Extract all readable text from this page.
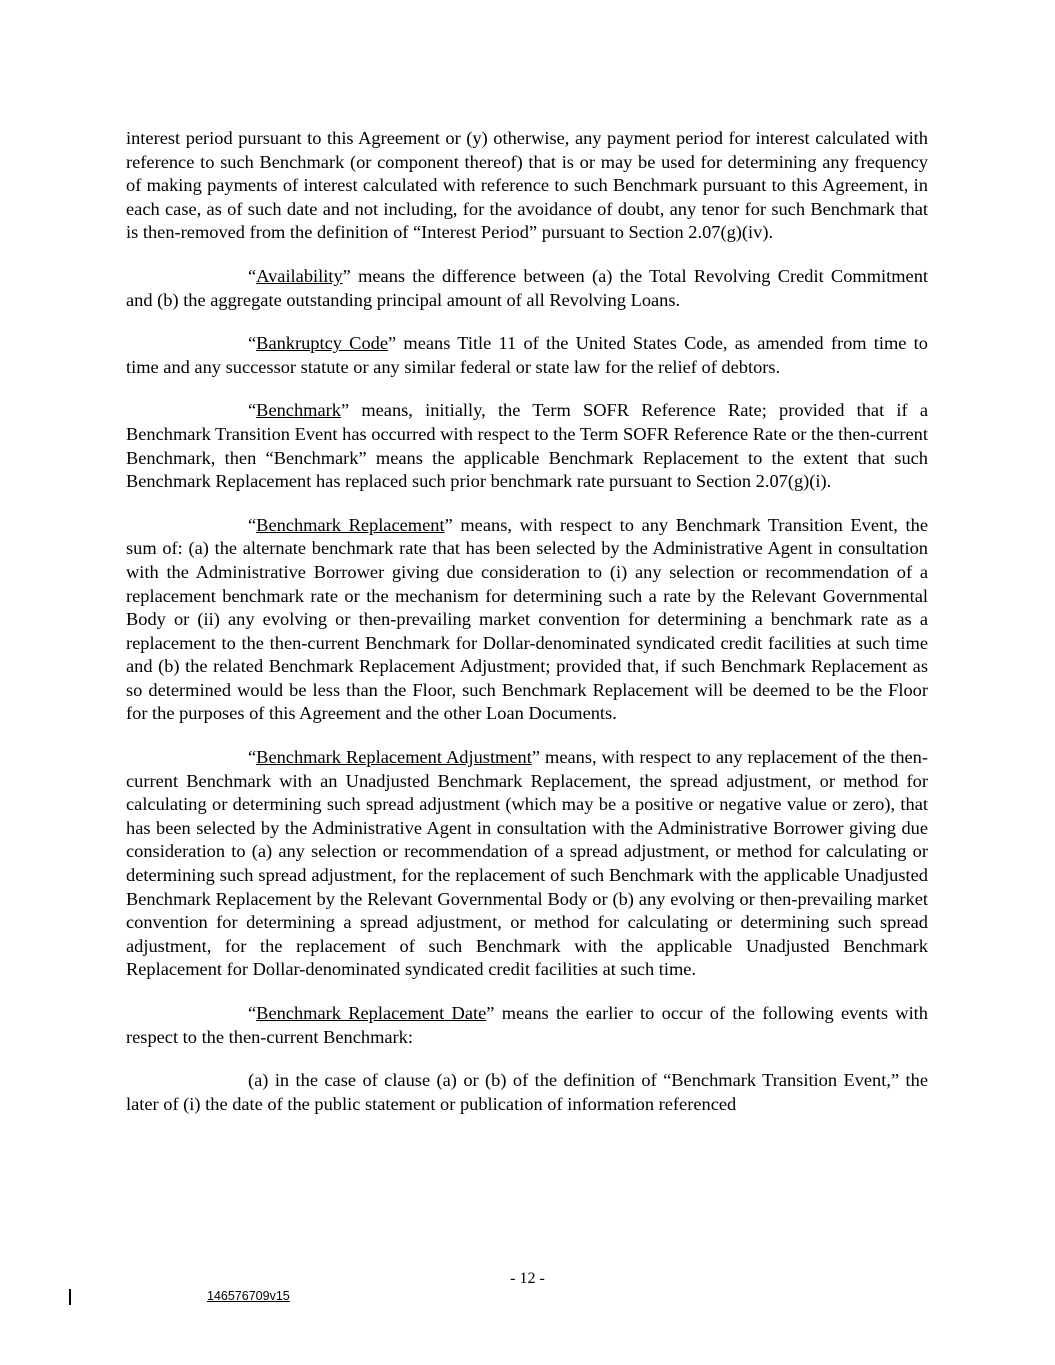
interest period pursuant to this Agreement or (y) otherwise, any payment period for interest calculated with reference to such Benchmark (or component thereof) that is or may be used for determining any frequency of making payments of interest calculated with reference to such Benchmark pursuant to this Agreement, in each case, as of such date and not including, for the avoidance of doubt, any tenor for such Benchmark that is then-removed from the definition of “Interest Period” pursuant to Section 2.07(g)(iv).

“Availability” means the difference between (a) the Total Revolving Credit Commitment and (b) the aggregate outstanding principal amount of all Revolving Loans.

“Bankruptcy Code” means Title 11 of the United States Code, as amended from time to time and any successor statute or any similar federal or state law for the relief of debtors.

“Benchmark” means, initially, the Term SOFR Reference Rate; provided that if a Benchmark Transition Event has occurred with respect to the Term SOFR Reference Rate or the then-current Benchmark, then “Benchmark” means the applicable Benchmark Replacement to the extent that such Benchmark Replacement has replaced such prior benchmark rate pursuant to Section 2.07(g)(i).

“Benchmark Replacement” means, with respect to any Benchmark Transition Event, the sum of: (a) the alternate benchmark rate that has been selected by the Administrative Agent in consultation with the Administrative Borrower giving due consideration to (i) any selection or recommendation of a replacement benchmark rate or the mechanism for determining such a rate by the Relevant Governmental Body or (ii) any evolving or then-prevailing market convention for determining a benchmark rate as a replacement to the then-current Benchmark for Dollar-denominated syndicated credit facilities at such time and (b) the related Benchmark Replacement Adjustment; provided that, if such Benchmark Replacement as so determined would be less than the Floor, such Benchmark Replacement will be deemed to be the Floor for the purposes of this Agreement and the other Loan Documents.

“Benchmark Replacement Adjustment” means, with respect to any replacement of the then-current Benchmark with an Unadjusted Benchmark Replacement, the spread adjustment, or method for calculating or determining such spread adjustment (which may be a positive or negative value or zero), that has been selected by the Administrative Agent in consultation with the Administrative Borrower giving due consideration to (a) any selection or recommendation of a spread adjustment, or method for calculating or determining such spread adjustment, for the replacement of such Benchmark with the applicable Unadjusted Benchmark Replacement by the Relevant Governmental Body or (b) any evolving or then-prevailing market convention for determining a spread adjustment, or method for calculating or determining such spread adjustment, for the replacement of such Benchmark with the applicable Unadjusted Benchmark Replacement for Dollar-denominated syndicated credit facilities at such time.

“Benchmark Replacement Date” means the earlier to occur of the following events with respect to the then-current Benchmark:

(a) in the case of clause (a) or (b) of the definition of “Benchmark Transition Event,” the later of (i) the date of the public statement or publication of information referenced

- 12 -
146576709v15
